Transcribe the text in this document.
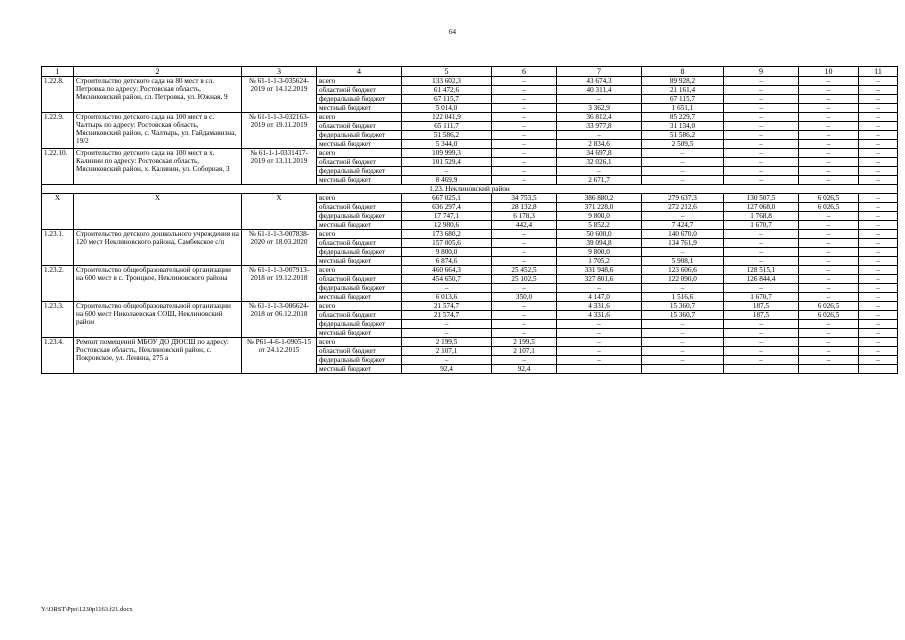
64
1	2	3	4	5	6	7	8	9	10	11
1.22.8.	Строительство детского сада на 80 мест в сл. Петровка по адресу: Ростовская область, Мясниковский район, сл. Петровка, ул. Южная, 9	№ 61-1-1-3-035624-2019 от 14.12.2019	всего	133 602,3	–	43 674,3	89 928,2	–	–	–
			областной бюджет	61 472,6	–	40 311,4	21 161,4	–	–	–
			федеральный бюджет	67 115,7	–	–	67 115,7	–	–	–
			местный бюджет	5 014,0	–	3 362,9	1 651,1	–	–	–
1.22.9.	Строительство детского сада на 100 мест в с. Чалтырь по адресу: Ростовская область, Мясниковский район, с. Чалтырь, ул. Гайдамавизна, 19/2	№ 61-1-1-3-032163-2019 от 19.11.2019	всего	122 041,9	–	36 812,4	85 229,7	–	–	–
			областной бюджет	65 111,7	–	33 977,8	31 134,0	–	–	–
			федеральный бюджет	51 586,2	–	–	51 586,2	–	–	–
			местный бюджет	5 344,0	–	2 834,6	2 509,5	–	–	–
1.22.10.	Строительство детского сада на 100 мест в х. Калинин по адресу: Ростовская область, Мясниковский район, х. Калинин, ул. Соборная, 3	№ 61-1-1-0331417-2019 от 13.11.2019	всего	109 999,3	–	34 697,8	–	–	–	–
			областной бюджет	101 529,4	–	32 026,1	–	–	–	–
			федеральный бюджет	–	–	–	–	–	–	–
			местный бюджет	8 469,9	–	2 671,7	–	–	–	–
1.23. Неклиновский район										
Х	Х	Х	всего	667 025,1	34 753,5	386 880,2	279 637,3	130 507,5	6 026,5	–
			областной бюджет	636 297,4	28 132,8	371 228,0	272 212,6	127 068,0	6 026,5	–
			федеральный бюджет	17 747,1	6 178,3	9 800,0	–	1 768,8	–	–
			местный бюджет	12 980,6	442,4	5 852,2	7 424,7	1 670,7	–	–
1.23.1.	Строительство детского дошкольного учреждения на 120 мест Неклиновского района, Самбекское с/п	№ 61-1-1-3-007838-2020 от 18.03.2020	всего	173 680,2	–	50 600,0	140 670,0	–	–	–
			областной бюджет	157 005,6	–	39 094,8	134 761,9	–	–	–
			федеральный бюджет	9 800,0	–	9 800,0	–	–	–	–
			местный бюджет	6 874,6	–	1 705,2	5 908,1	–	–	–
1.23.2.	Строительство общеобразовательной организации на 600 мест в с. Троицкое, Неклиновского района	№ 61-1-1-3-007913-2018 от 19.12.2018	всего	460 664,3	25 452,5	331 948,6	123 606,6	128 515,1	–	–
			областной бюджет	454 650,7	25 102,5	327 801,6	122 090,0	126 844,4	–	–
			федеральный бюджет	–	–	–	–	–	–	–
			местный бюджет	6 013,6	350,0	4 147,0	1 516,6	1 670,7	–	–
1.23.3.	Строительство общеобразовательной организации на 600 мест Николаевская СОШ, Неклиновский район	№ 61-1-1-3-006624-2018 от 06.12.2018	всего	21 574,7	–	4 331,6	15 360,7	187,5	6 026,5	–
			областной бюджет	21 574,7	–	4 331,6	15 360,7	187,5	6 026,5	–
			федеральный бюджет	–	–	–	–	–	–	–
			местный бюджет	–	–	–	–	–	–	–
1.23.4.	Ремонт помещений МБОУ ДО ДЮСШ по адресу: Ростовская область, Неклиновский район, с. Покровское, ул. Ленина, 275 а	№ Р61-4-6-1-0905-15 от 24.12.2015	всего	2 199,5	2 199,5	–	–	–	–	–
			областной бюджет	2 107,1	2 107,1	–	–	–	–	–
			федеральный бюджет	–	–	–	–	–	–	–
			местный бюджет	92,4	92,4					
Y:\ORST\Ppo\1230p1163.f21.docx
